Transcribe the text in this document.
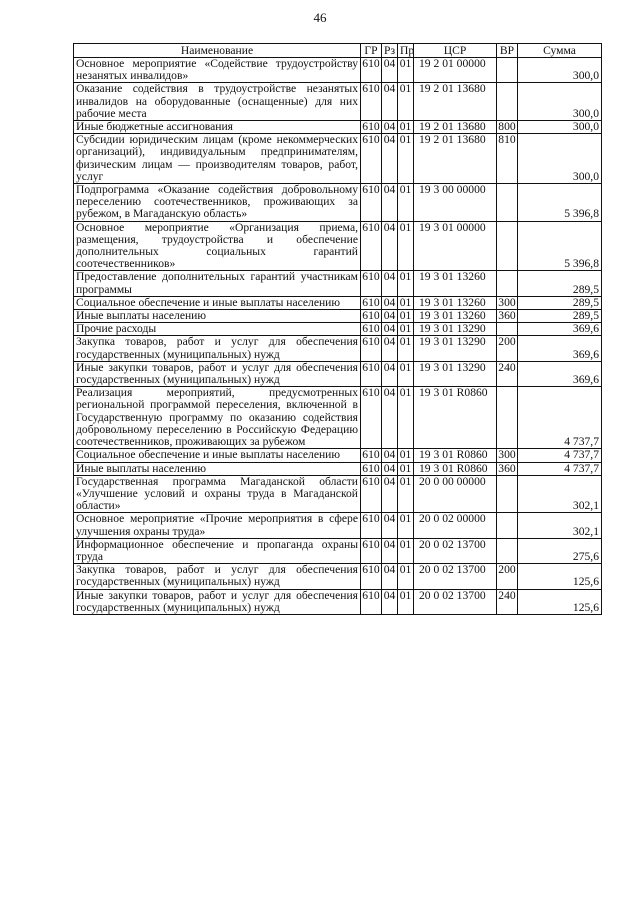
46
Наименование	ГР	Рз	Пр	ЦСР	ВР	Сумма
Основное мероприятие «Содействие трудоустройству незанятых инвалидов»	610	04	01	19 2 01 00000		300,0
Оказание содействия в трудоустройстве незанятых инвалидов на оборудованные (оснащенные) для них рабочие места	610	04	01	19 2 01 13680		300,0
Иные бюджетные ассигнования	610	04	01	19 2 01 13680	800	300,0
Субсидии юридическим лицам (кроме некоммерческих организаций), индивидуальным предпринимателям, физическим лицам — производителям товаров, работ, услуг	610	04	01	19 2 01 13680	810	300,0
Подпрограмма «Оказание содействия добровольному переселению соотечественников, проживающих за рубежом, в Магаданскую область»	610	04	01	19 3 00 00000		5 396,8
Основное мероприятие «Организация приема, размещения, трудоустройства и обеспечение дополнительных социальных гарантий соотечественников»	610	04	01	19 3 01 00000		5 396,8
Предоставление дополнительных гарантий участникам программы	610	04	01	19 3 01 13260		289,5
Социальное обеспечение и иные выплаты населению	610	04	01	19 3 01 13260	300	289,5
Иные выплаты населению	610	04	01	19 3 01 13260	360	289,5
Прочие расходы	610	04	01	19 3 01 13290		369,6
Закупка товаров, работ и услуг для обеспечения государственных (муниципальных) нужд	610	04	01	19 3 01 13290	200	369,6
Иные закупки товаров, работ и услуг для обеспечения государственных (муниципальных) нужд	610	04	01	19 3 01 13290	240	369,6
Реализация мероприятий, предусмотренных региональной программой переселения, включенной в Государственную программу по оказанию содействия добровольному переселению в Российскую Федерацию соотечественников, проживающих за рубежом	610	04	01	19 3 01 R0860		4 737,7
Социальное обеспечение и иные выплаты населению	610	04	01	19 3 01 R0860	300	4 737,7
Иные выплаты населению	610	04	01	19 3 01 R0860	360	4 737,7
Государственная программа Магаданской области «Улучшение условий и охраны труда в Магаданской области»	610	04	01	20 0 00 00000		302,1
Основное мероприятие «Прочие мероприятия в сфере улучшения охраны труда»	610	04	01	20 0 02 00000		302,1
Информационное обеспечение и пропаганда охраны труда	610	04	01	20 0 02 13700		275,6
Закупка товаров, работ и услуг для обеспечения государственных (муниципальных) нужд	610	04	01	20 0 02 13700	200	125,6
Иные закупки товаров, работ и услуг для обеспечения государственных (муниципальных) нужд	610	04	01	20 0 02 13700	240	125,6
